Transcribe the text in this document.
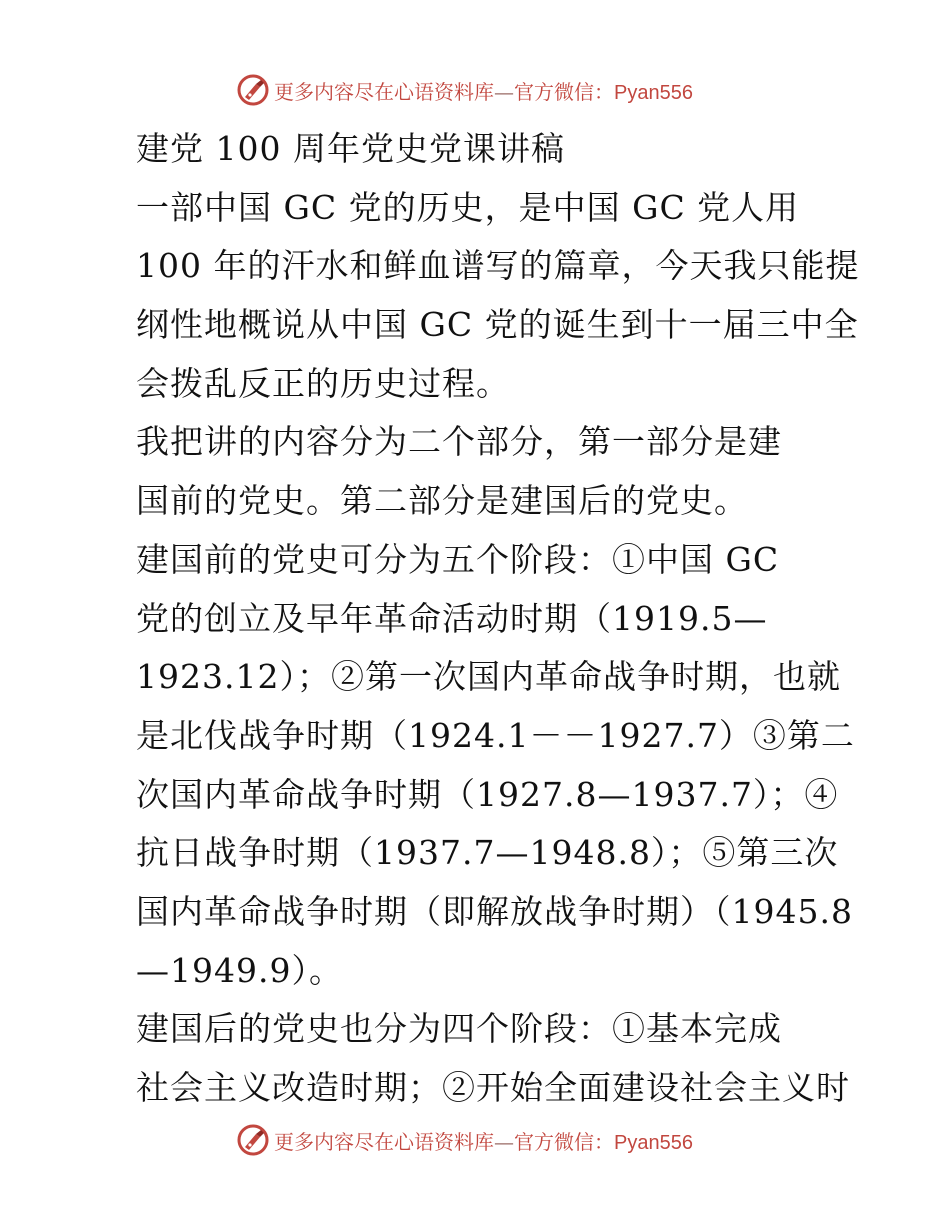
更多内容尽在心语资料库—官方微信：Pyan556
建党 100 周年党史党课讲稿
一部中国 GC 党的历史，是中国 GC 党人用
100 年的汗水和鲜血谱写的篇章，今天我只能提
纲性地概说从中国 GC 党的诞生到十一届三中全
会拨乱反正的历史过程。
我把讲的内容分为二个部分，第一部分是建
国前的党史。第二部分是建国后的党史。
建国前的党史可分为五个阶段：①中国 GC
党的创立及早年革命活动时期（1919.5—
1923.12）；②第一次国内革命战争时期，也就
是北伐战争时期（1924.1－－1927.7）③第二
次国内革命战争时期（1927.8—1937.7）；④
抗日战争时期（1937.7—1948.8）；⑤第三次
国内革命战争时期（即解放战争时期）（1945.8
—1949.9）。
建国后的党史也分为四个阶段：①基本完成
社会主义改造时期；②开始全面建设社会主义时
更多内容尽在心语资料库—官方微信：Pyan556
